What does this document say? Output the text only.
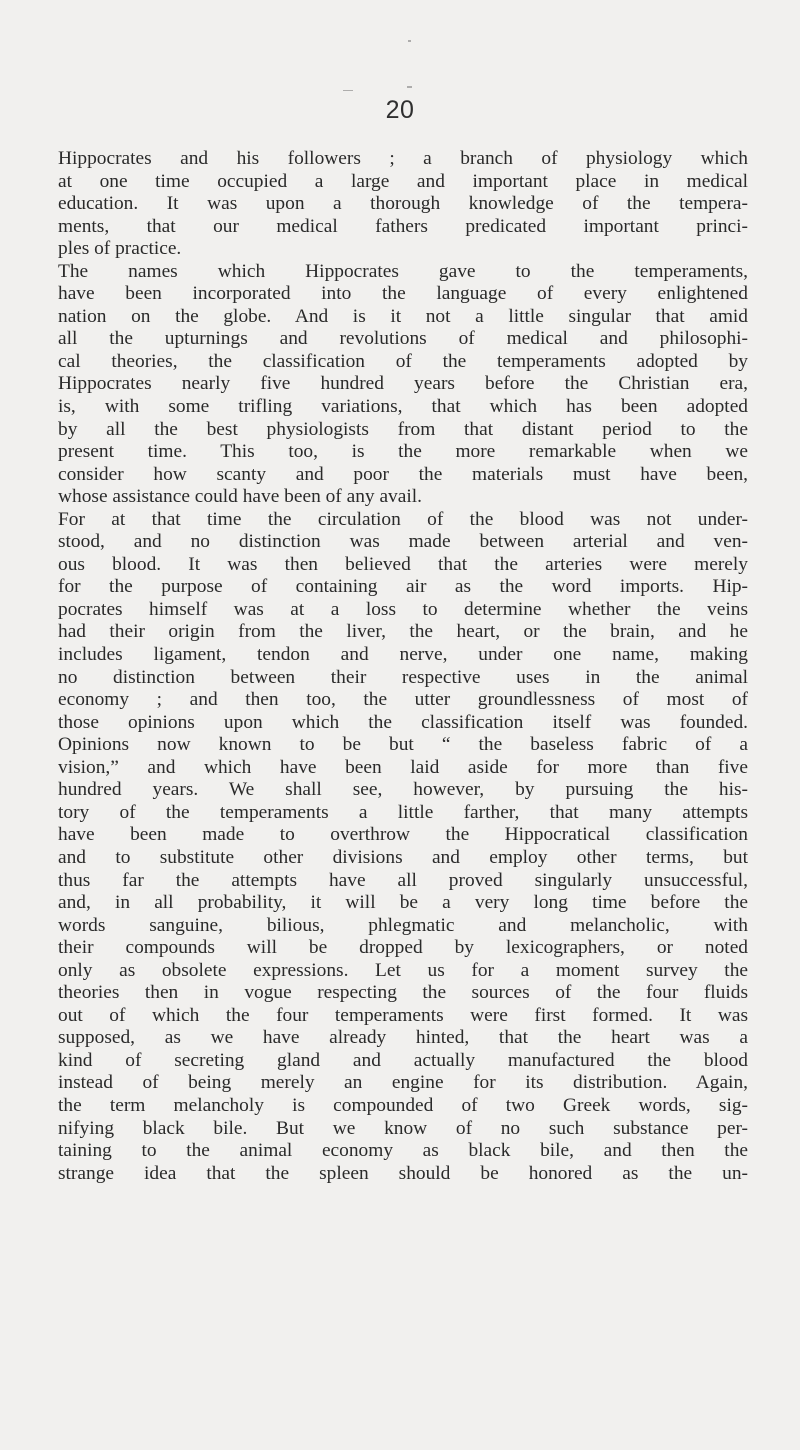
20
Hippocrates and his followers ; a branch of physiology which
at one time occupied a large and important place in medical
education. It was upon a thorough knowledge of the tempera-
ments, that our medical fathers predicated important princi-
ples of practice.
The names which Hippocrates gave to the temperaments,
have been incorporated into the language of every enlightened
nation on the globe. And is it not a little singular that amid
all the upturnings and revolutions of medical and philosophi-
cal theories, the classification of the temperaments adopted by
Hippocrates nearly five hundred years before the Christian era,
is, with some trifling variations, that which has been adopted
by all the best physiologists from that distant period to the
present time. This too, is the more remarkable when we
consider how scanty and poor the materials must have been,
whose assistance could have been of any avail.
For at that time the circulation of the blood was not under-
stood, and no distinction was made between arterial and ven-
ous blood. It was then believed that the arteries were merely
for the purpose of containing air as the word imports. Hip-
pocrates himself was at a loss to determine whether the veins
had their origin from the liver, the heart, or the brain, and he
includes ligament, tendon and nerve, under one name, making
no distinction between their respective uses in the animal
economy ; and then too, the utter groundlessness of most of
those opinions upon which the classification itself was founded.
Opinions now known to be but “ the baseless fabric of a
vision,” and which have been laid aside for more than five
hundred years. We shall see, however, by pursuing the his-
tory of the temperaments a little farther, that many attempts
have been made to overthrow the Hippocratical classification
and to substitute other divisions and employ other terms, but
thus far the attempts have all proved singularly unsuccessful,
and, in all probability, it will be a very long time before the
words sanguine, bilious, phlegmatic and melancholic, with
their compounds will be dropped by lexicographers, or noted
only as obsolete expressions. Let us for a moment survey the
theories then in vogue respecting the sources of the four fluids
out of which the four temperaments were first formed. It was
supposed, as we have already hinted, that the heart was a
kind of secreting gland and actually manufactured the blood
instead of being merely an engine for its distribution. Again,
the term melancholy is compounded of two Greek words, sig-
nifying black bile. But we know of no such substance per-
taining to the animal economy as black bile, and then the
strange idea that the spleen should be honored as the un-
